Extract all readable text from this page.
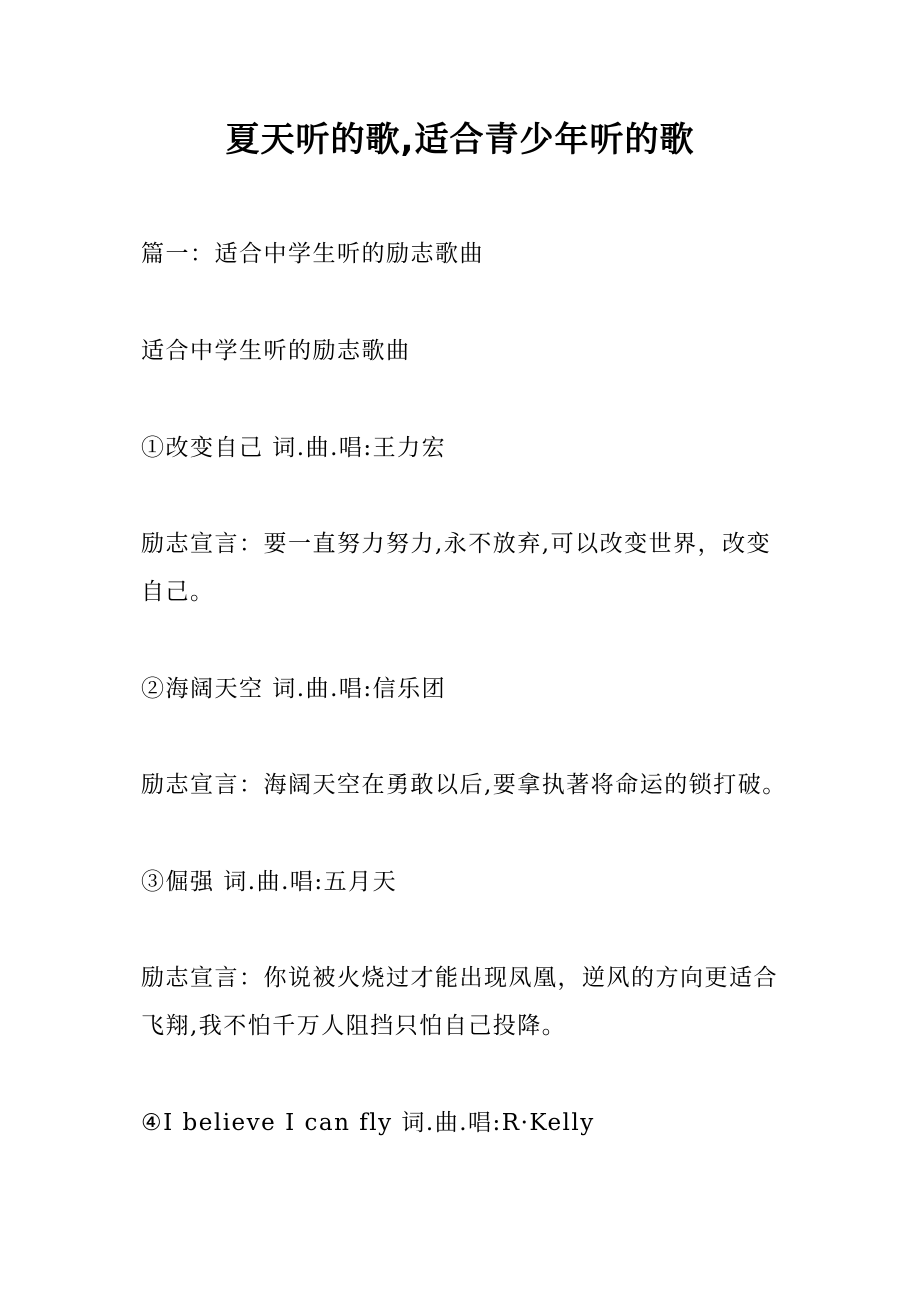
夏天听的歌,适合青少年听的歌
篇一：适合中学生听的励志歌曲
适合中学生听的励志歌曲
①改变自己 词.曲.唱:王力宏
励志宣言：要一直努力努力,永不放弃,可以改变世界，改变
自己。
②海阔天空 词.曲.唱:信乐团
励志宣言：海阔天空在勇敢以后,要拿执著将命运的锁打破。
③倔强 词.曲.唱:五月天
励志宣言：你说被火烧过才能出现凤凰，逆风的方向更适合
飞翔,我不怕千万人阻挡只怕自己投降。
④I believe I can fly 词.曲.唱:R·Kelly
